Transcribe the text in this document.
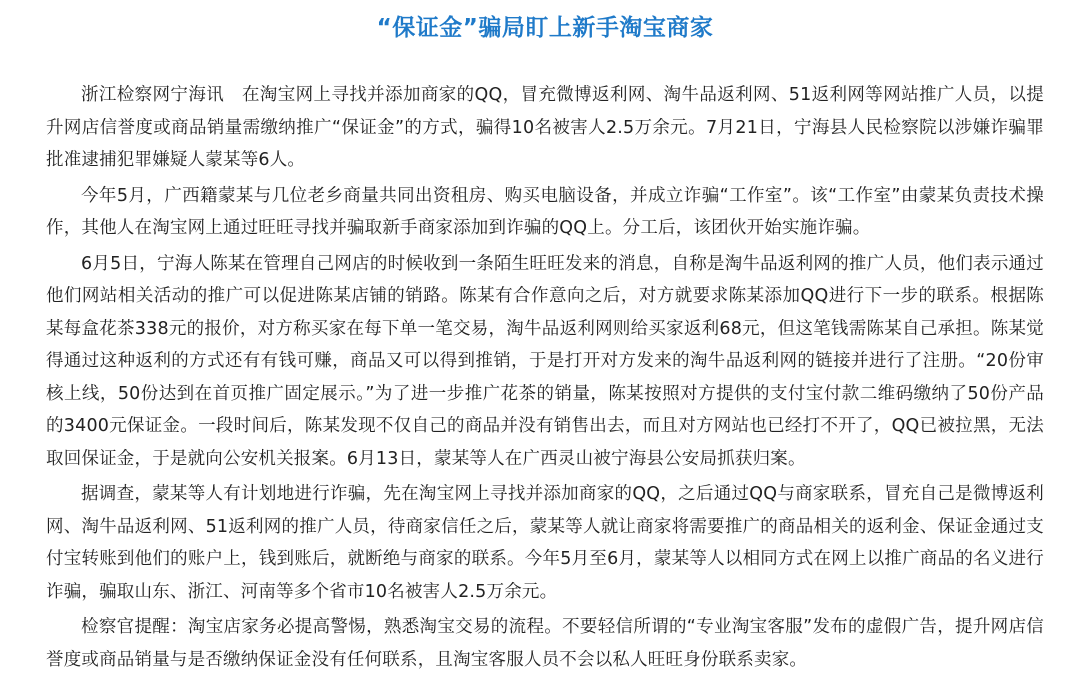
“保证金”骗局盯上新手淘宝商家

浙江检察网宁海讯　在淘宝网上寻找并添加商家的QQ，冒充微博返利网、淘牛品返利网、51返利网等网站推广人员，以提升网店信誉度或商品销量需缴纳推广“保证金”的方式，骗得10名被害人2.5万余元。7月21日，宁海县人民检察院以涉嫌诈骗罪批准逮捕犯罪嫌疑人蒙某等6人。

今年5月，广西籍蒙某与几位老乡商量共同出资租房、购买电脑设备，并成立诈骗“工作室”。该“工作室”由蒙某负责技术操作，其他人在淘宝网上通过旺旺寻找并骗取新手商家添加到诈骗的QQ上。分工后，该团伙开始实施诈骗。

6月5日，宁海人陈某在管理自己网店的时候收到一条陌生旺旺发来的消息，自称是淘牛品返利网的推广人员，他们表示通过他们网站相关活动的推广可以促进陈某店铺的销路。陈某有合作意向之后，对方就要求陈某添加QQ进行下一步的联系。根据陈某每盒花茶338元的报价，对方称买家在每下单一笔交易，淘牛品返利网则给买家返利68元，但这笔钱需陈某自己承担。陈某觉得通过这种返利的方式还有有钱可赚，商品又可以得到推销，于是打开对方发来的淘牛品返利网的链接并进行了注册。“20份审核上线，50份达到在首页推广固定展示。”为了进一步推广花茶的销量，陈某按照对方提供的支付宝付款二维码缴纳了50份产品的3400元保证金。一段时间后，陈某发现不仅自己的商品并没有销售出去，而且对方网站也已经打不开了，QQ已被拉黑，无法取回保证金，于是就向公安机关报案。6月13日，蒙某等人在广西灵山被宁海县公安局抓获归案。

据调查，蒙某等人有计划地进行诈骗，先在淘宝网上寻找并添加商家的QQ，之后通过QQ与商家联系，冒充自己是微博返利网、淘牛品返利网、51返利网的推广人员，待商家信任之后，蒙某等人就让商家将需要推广的商品相关的返利金、保证金通过支付宝转账到他们的账户上，钱到账后，就断绝与商家的联系。今年5月至6月，蒙某等人以相同方式在网上以推广商品的名义进行诈骗，骗取山东、浙江、河南等多个省市10名被害人2.5万余元。

检察官提醒：淘宝店家务必提高警惕，熟悉淘宝交易的流程。不要轻信所谓的“专业淘宝客服”发布的虚假广告，提升网店信誉度或商品销量与是否缴纳保证金没有任何联系，且淘宝客服人员不会以私人旺旺身份联系卖家。
